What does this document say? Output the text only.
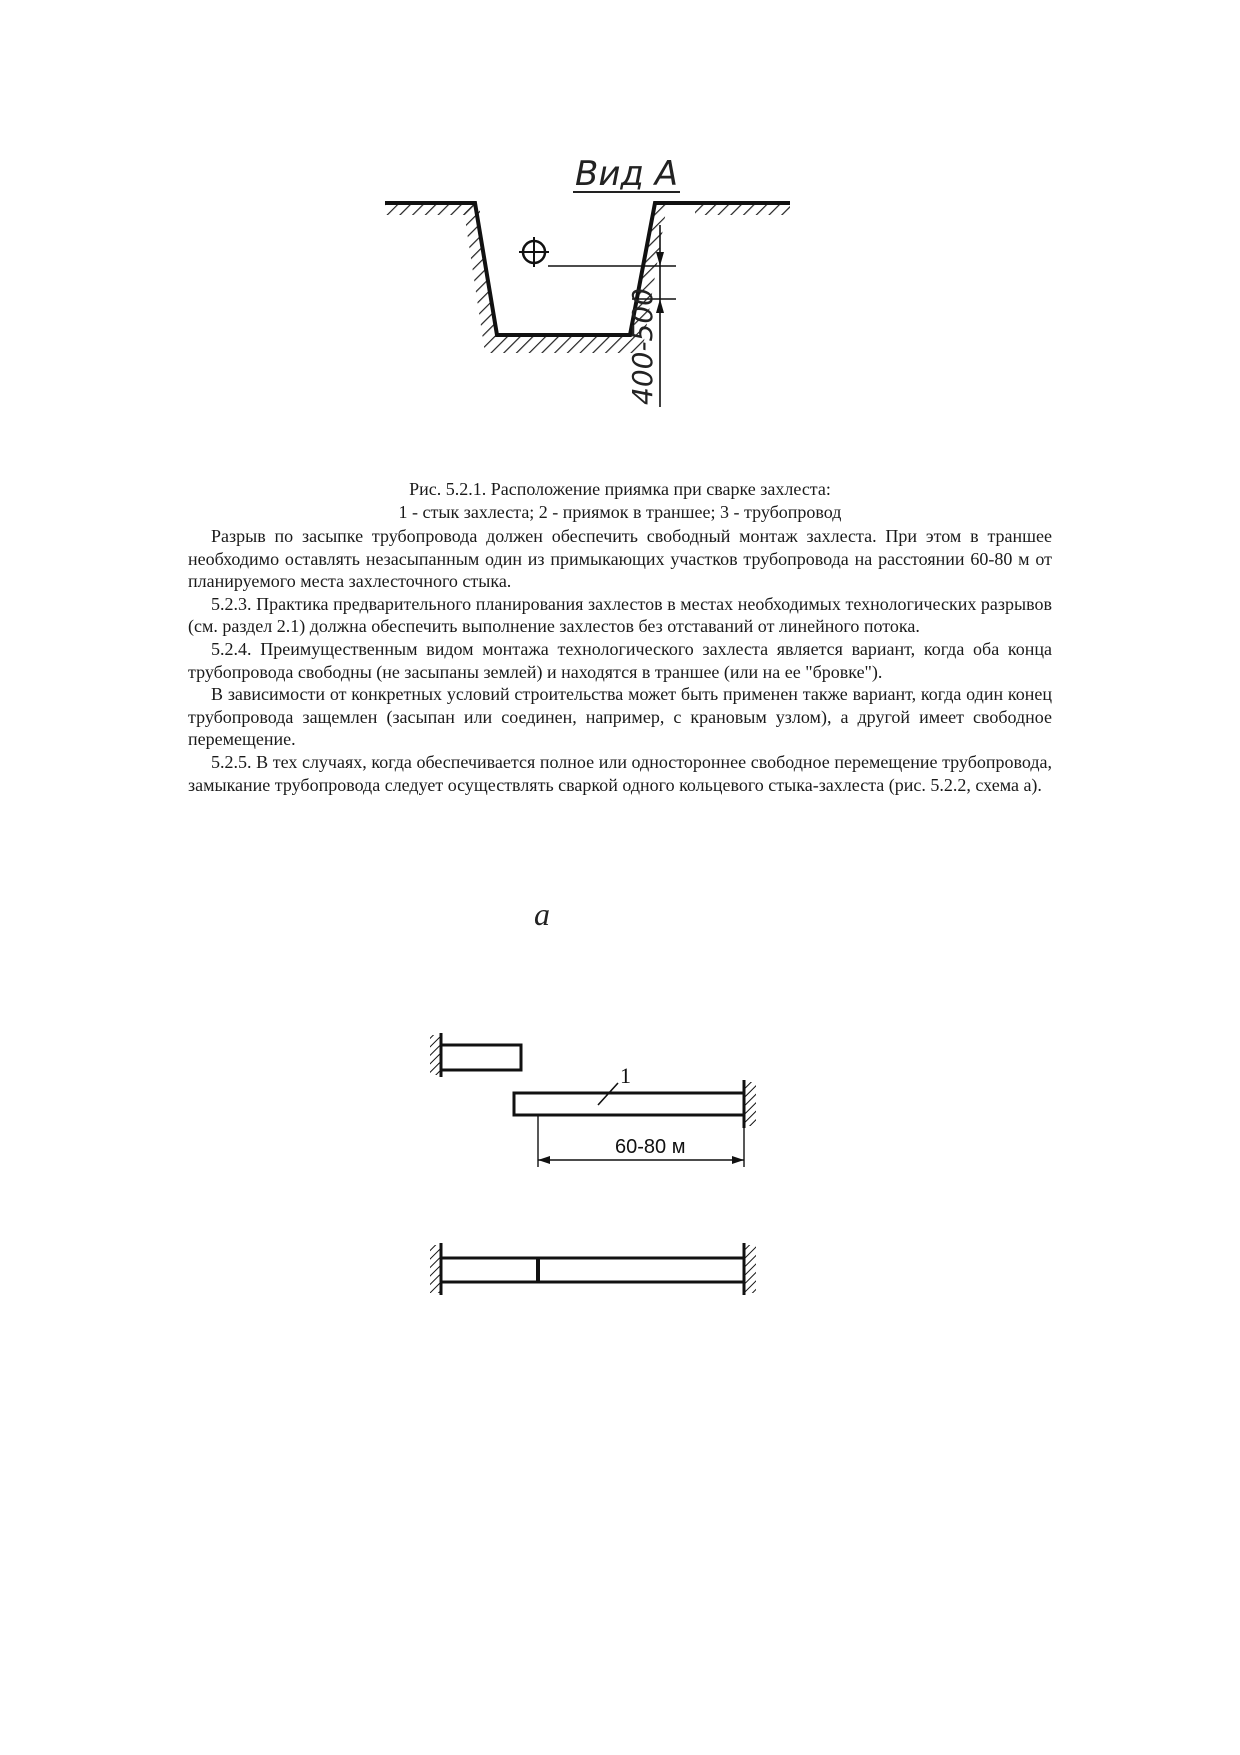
Вид А
400-500
Рис. 5.2.1. Расположение приямка при сварке захлеста:
1 - стык захлеста; 2 - приямок в траншее; 3 - трубопровод

Разрыв по засыпке трубопровода должен обеспечить свободный монтаж захлеста. При этом в траншее необходимо оставлять незасыпанным один из примыкающих участков трубопровода на расстоянии 60-80 м от планируемого места захлесточного стыка.

5.2.3. Практика предварительного планирования захлестов в местах необходимых технологических разрывов (см. раздел 2.1) должна обеспечить выполнение захлестов без отставаний от линейного потока.

5.2.4. Преимущественным видом монтажа технологического захлеста является вариант, когда оба конца трубопровода свободны (не засыпаны землей) и находятся в траншее (или на ее "бровке").

В зависимости от конкретных условий строительства может быть применен также вариант, когда один конец трубопровода защемлен (засыпан или соединен, например, с крановым узлом), а другой имеет свободное перемещение.

5.2.5. В тех случаях, когда обеспечивается полное или одностороннее свободное перемещение трубопровода, замыкание трубопровода следует осуществлять сваркой одного кольцевого стыка-захлеста (рис. 5.2.2, схема а).

а
1
60-80 м
